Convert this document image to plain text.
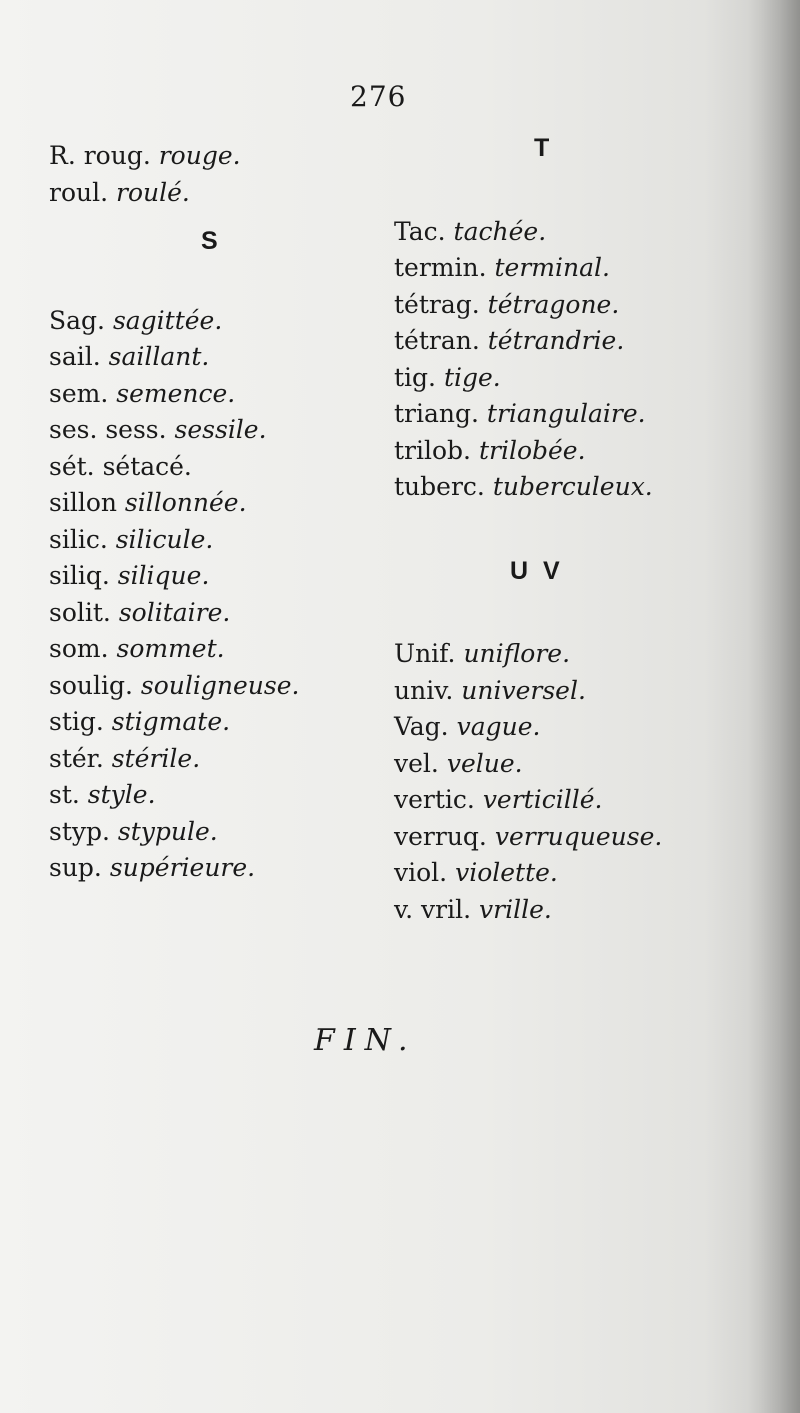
276
R. roug. rouge.
roul. roulé.
S
Sag. sagittée.
sail. saillant.
sem. semence.
ses. sess. sessile.
sét. sétacé.
sillon sillonnée.
silic. silicule.
siliq. silique.
solit. solitaire.
som. sommet.
soulig. souligneuse.
stig. stigmate.
stér. stérile.
st. style.
styp. stypule.
sup. supérieure.
T
Tac. tachée.
termin. terminal.
tétrag. tétragone.
tétran. tétrandrie.
tig. tige.
triang. triangulaire.
trilob. trilobée.
tuberc. tuberculeux.
U V
Unif. uniflore.
univ. universel.
Vag. vague.
vel. velue.
vertic. verticillé.
verruq. verruqueuse.
viol. violette.
v. vril. vrille.
FIN.
